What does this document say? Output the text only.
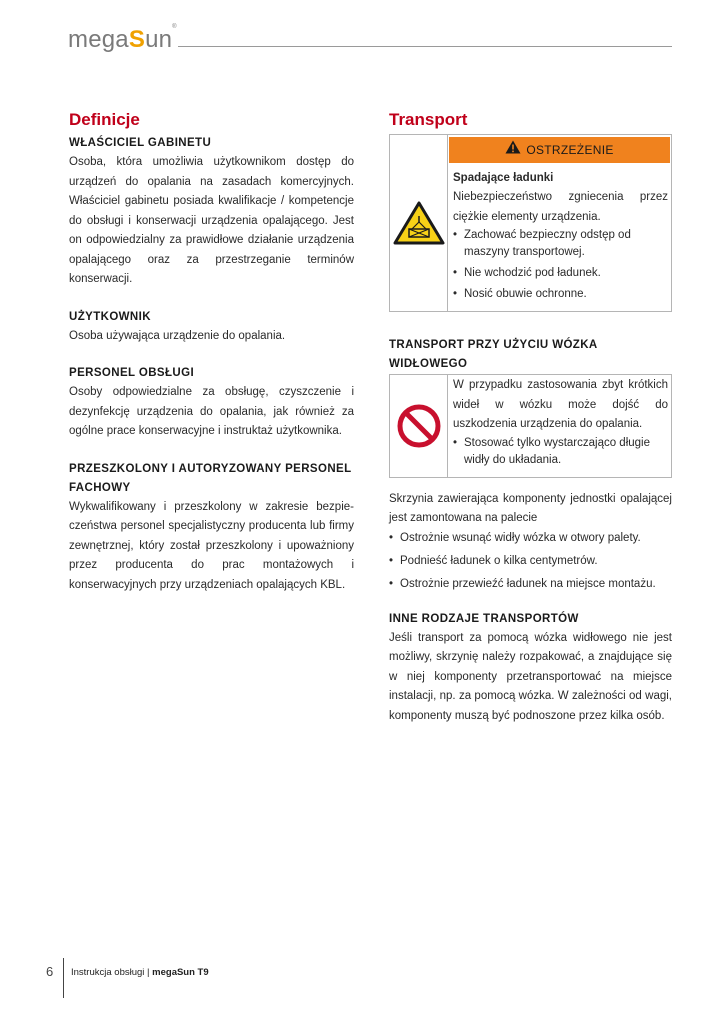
megaSun®
Definicje
WŁAŚCICIEL GABINETU

Osoba, która umożliwia użytkownikom dostęp do urządzeń do opalania na zasadach komercyjnych. Właściciel gabinetu posiada kwalifikacje / kompetencje do obsługi i konserwacji urządzenia opalającego. Jest on odpowiedzialny za prawidłowe działanie urządzenia opalającego oraz za przestrzeganie terminów konserwacji.

UŻYTKOWNIK

Osoba używająca urządzenie do opalania.

PERSONEL OBSŁUGI

Osoby odpowiedzialne za obsługę, czyszczenie i dezynfekcję urządzenia do opalania, jak również za ogólne prace konserwacyjne i instruktaż użytkownika.

PRZESZKOLONY I AUTORYZOWANY PERSONEL FACHOWY

Wykwalifikowany i przeszkolony w zakresie bezpieczeństwa personel specjalistyczny producenta lub firmy zewnętrznej, który został przeszkolony i upoważniony przez producenta do prac montażowych i konserwacyjnych przy urządzeniach opalających KBL.

Transport
OSTRZEŻENIE
Spadające ładunki

Niebezpieczeństwo zgniecenia przez ciężkie elementy urządzenia.

• Zachować bezpieczny odstęp od maszyny transportowej.
• Nie wchodzić pod ładunek.
• Nosić obuwie ochronne.
TRANSPORT PRZY UŻYCIU WÓZKA WIDŁOWEGO

W przypadku zastosowania zbyt krótkich wideł w wózku może dojść do uszkodzenia urządzenia do opalania.

• Stosować tylko wystarczająco długie widły do układania.

Skrzynia zawierająca komponenty jednostki opalającej jest zamontowana na palecie

• Ostrożnie wsunąć widły wózka w otwory palety.
• Podnieść ładunek o kilka centymetrów.
• Ostrożnie przewieźć ładunek na miejsce montażu.
INNE RODZAJE TRANSPORTÓW

Jeśli transport za pomocą wózka widłowego nie jest możliwy, skrzynię należy rozpakować, a znajdujące się w niej komponenty przetransportować na miejsce instalacji, np. za pomocą wózka. W zależności od wagi, komponenty muszą być podnoszone przez kilka osób.

6 Instrukcja obsługi | megaSun T9
